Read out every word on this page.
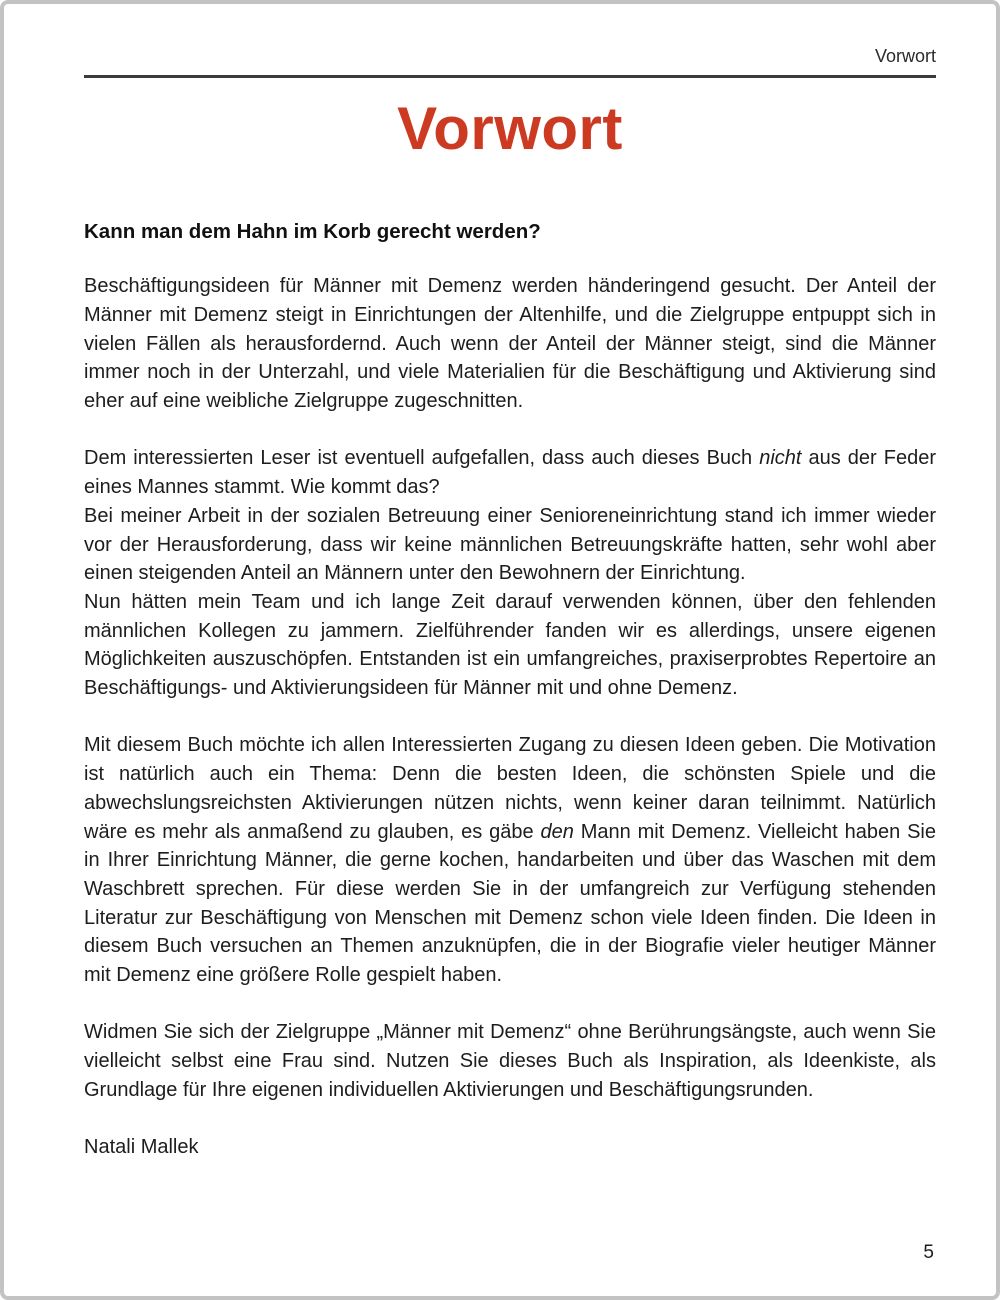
Vorwort
Vorwort
Kann man dem Hahn im Korb gerecht werden?

Beschäftigungsideen für Männer mit Demenz werden händeringend gesucht. Der Anteil der Männer mit Demenz steigt in Einrichtungen der Altenhilfe, und die Zielgruppe entpuppt sich in vielen Fällen als herausfordernd. Auch wenn der Anteil der Männer steigt, sind die Männer immer noch in der Unterzahl, und viele Materialien für die Beschäftigung und Aktivierung sind eher auf eine weibliche Zielgruppe zugeschnitten.

Dem interessierten Leser ist eventuell aufgefallen, dass auch dieses Buch nicht aus der Feder eines Mannes stammt. Wie kommt das?

Bei meiner Arbeit in der sozialen Betreuung einer Senioreneinrichtung stand ich immer wieder vor der Herausforderung, dass wir keine männlichen Betreuungskräfte hatten, sehr wohl aber einen steigenden Anteil an Männern unter den Bewohnern der Einrichtung.

Nun hätten mein Team und ich lange Zeit darauf verwenden können, über den fehlenden männlichen Kollegen zu jammern. Zielführender fanden wir es allerdings, unsere eigenen Möglichkeiten auszuschöpfen. Entstanden ist ein umfangreiches, praxiserprobtes Repertoire an Beschäftigungs- und Aktivierungsideen für Männer mit und ohne Demenz.

Mit diesem Buch möchte ich allen Interessierten Zugang zu diesen Ideen geben. Die Motivation ist natürlich auch ein Thema: Denn die besten Ideen, die schönsten Spiele und die abwechslungsreichsten Aktivierungen nützen nichts, wenn keiner daran teilnimmt. Natürlich wäre es mehr als anmaßend zu glauben, es gäbe den Mann mit Demenz. Vielleicht haben Sie in Ihrer Einrichtung Männer, die gerne kochen, handarbeiten und über das Waschen mit dem Waschbrett sprechen. Für diese werden Sie in der umfangreich zur Verfügung stehenden Literatur zur Beschäftigung von Menschen mit Demenz schon viele Ideen finden. Die Ideen in diesem Buch versuchen an Themen anzuknüpfen, die in der Biografie vieler heutiger Männer mit Demenz eine größere Rolle gespielt haben.

Widmen Sie sich der Zielgruppe „Männer mit Demenz“ ohne Berührungsängste, auch wenn Sie vielleicht selbst eine Frau sind. Nutzen Sie dieses Buch als Inspiration, als Ideenkiste, als Grundlage für Ihre eigenen individuellen Aktivierungen und Beschäftigungsrunden.

Natali Mallek
5
